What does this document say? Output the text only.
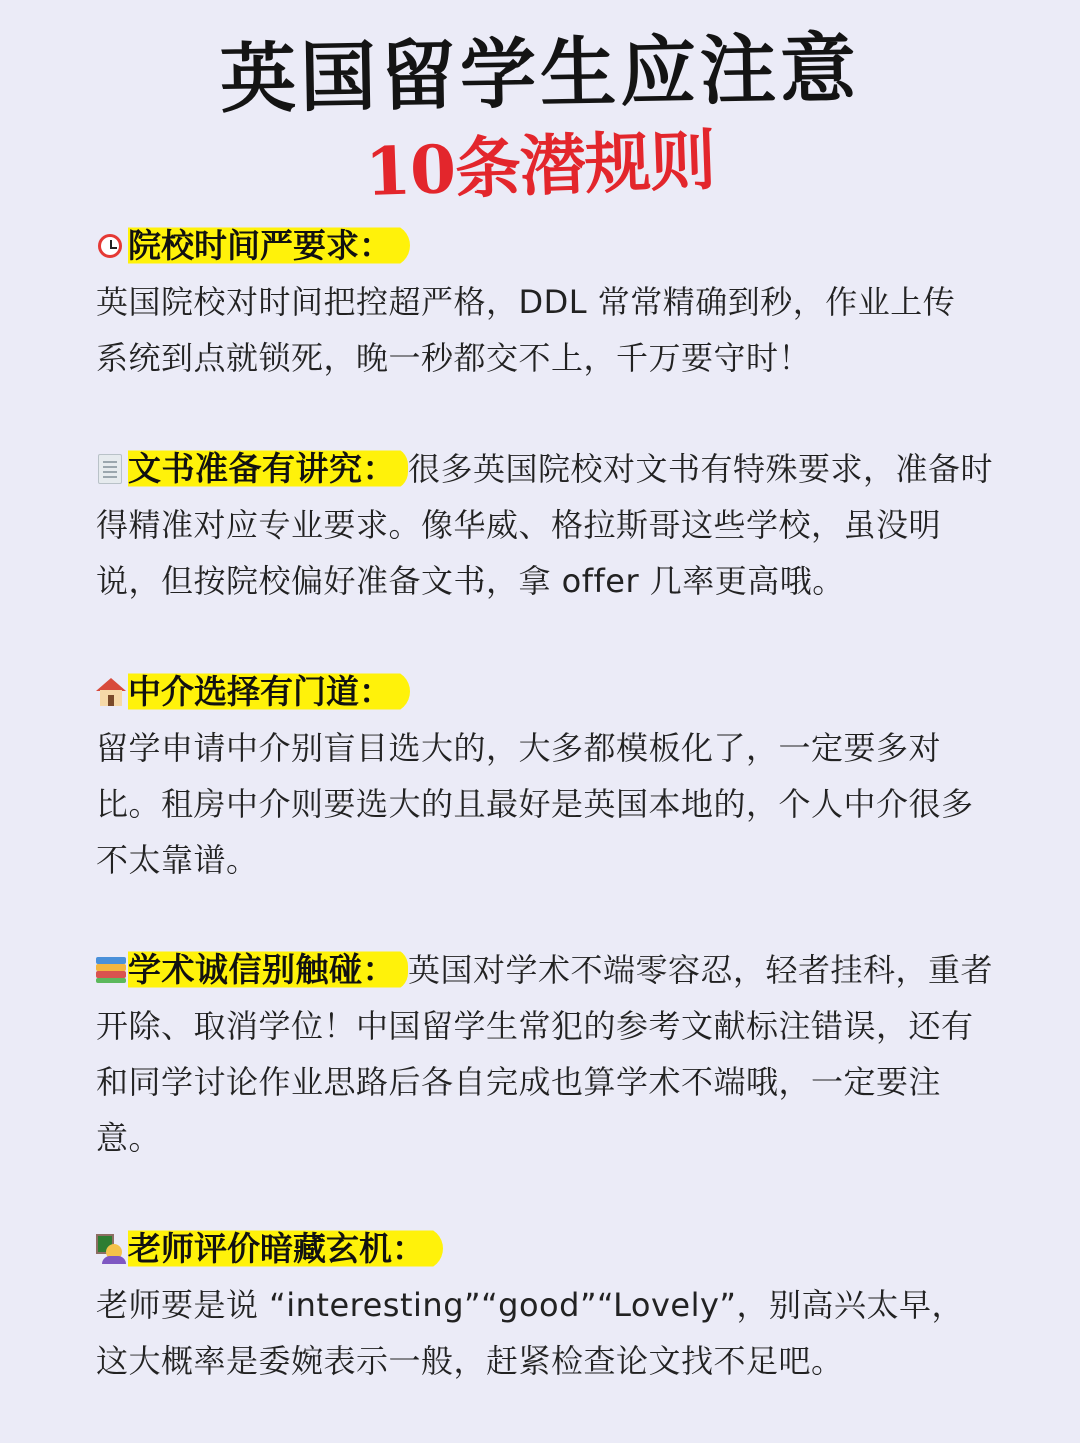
英国留学生应注意
10条潜规则
院校时间严要求：
英国院校对时间把控超严格，DDL 常常精确到秒，作业上传
系统到点就锁死，晚一秒都交不上，千万要守时！
文书准备有讲究： 很多英国院校对文书有特殊要求，准备时
得精准对应专业要求。像华威、格拉斯哥这些学校，虽没明
说，但按院校偏好准备文书，拿 offer 几率更高哦。
中介选择有门道：
留学申请中介别盲目选大的，大多都模板化了，一定要多对
比。租房中介则要选大的且最好是英国本地的，个人中介很多
不太靠谱。
学术诚信别触碰： 英国对学术不端零容忍，轻者挂科，重者
开除、取消学位！中国留学生常犯的参考文献标注错误，还有
和同学讨论作业思路后各自完成也算学术不端哦，一定要注
意。
老师评价暗藏玄机：
老师要是说 “interesting”“good”“Lovely”，别高兴太早，
这大概率是委婉表示一般，赶紧检查论文找不足吧。
